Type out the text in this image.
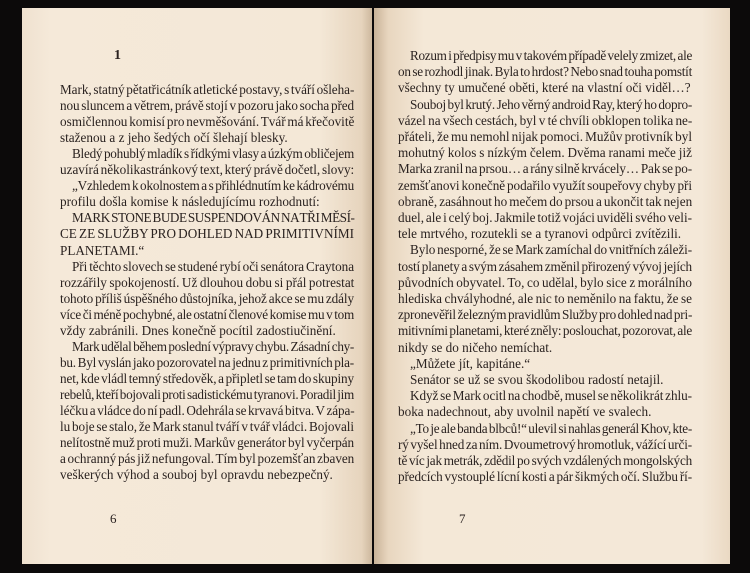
1
Mark, statný pětatřicátník atletické postavy, s tváří ošleha-
nou sluncem a větrem, právě stojí v pozoru jako socha před
osmičlennou komisí pro nevměšování. Tvář má křečovitě
staženou a z jeho šedých očí šlehají blesky.
Bledý pohublý mladík s řídkými vlasy a úzkým obličejem
uzavírá několikastránkový text, který právě dočetl, slovy:
„Vzhledem k okolnostem a s přihlédnutím ke kádrovému
profilu došla komise k následujícímu rozhodnutí:
MARK STONE BUDE SUSPENDOVÁN NA TŘI MĚSÍ-
CE ZE SLUŽBY PRO DOHLED NAD PRIMITIVNÍMI
PLANETAMI.“
Při těchto slovech se studené rybí oči senátora Craytona
rozzářily spokojeností. Už dlouhou dobu si přál potrestat
tohoto příliš úspěšného důstojníka, jehož akce se mu zdály
více či méně pochybné, ale ostatní členové komise mu v tom
vždy zabránili. Dnes konečně pocítil zadostiučinění.
Mark udělal během poslední výpravy chybu. Zásadní chy-
bu. Byl vyslán jako pozorovatel na jednu z primitivních pla-
net, kde vládl temný středověk, a připletl se tam do skupiny
rebelů, kteří bojovali proti sadistickému tyranovi. Poradil jim
léčku a vládce do ní padl. Odehrála se krvavá bitva. V zápa-
lu boje se stalo, že Mark stanul tváří v tvář vládci. Bojovali
nelítostně muž proti muži. Markův generátor byl vyčerpán
a ochranný pás již nefungoval. Tím byl pozemšťan zbaven
veškerých výhod a souboj byl opravdu nebezpečný.
6
Rozum i předpisy mu v takovém případě velely zmizet, ale
on se rozhodl jinak. Byla to hrdost? Nebo snad touha pomstít
všechny ty umučené oběti, které na vlastní oči viděl…?
Souboj byl krutý. Jeho věrný android Ray, který ho dopro-
vázel na všech cestách, byl v té chvíli obklopen tolika ne-
přáteli, že mu nemohl nijak pomoci. Mužův protivník byl
mohutný kolos s nízkým čelem. Dvěma ranami meče již
Marka zranil na prsou… a rány silně krvácely… Pak se po-
zemšťanovi konečně podařilo využít soupeřovy chyby při
obraně, zasáhnout ho mečem do prsou a ukončit tak nejen
duel, ale i celý boj. Jakmile totiž vojáci uviděli svého veli-
tele mrtvého, rozutekli se a tyranovi odpůrci zvítězili.
Bylo nesporné, že se Mark zamíchal do vnitřních záleži-
tostí planety a svým zásahem změnil přirozený vývoj jejích
původních obyvatel. To, co udělal, bylo sice z morálního
hlediska chvályhodné, ale nic to neměnilo na faktu, že se
zpronevěřil železným pravidlům Služby pro dohled nad pri-
mitivními planetami, které zněly: poslouchat, pozorovat, ale
nikdy se do ničeho nemíchat.
„Můžete jít, kapitáne.“
Senátor se už se svou škodolibou radostí netajil.
Když se Mark ocitl na chodbě, musel se několikrát zhlu-
boka nadechnout, aby uvolnil napětí ve svalech.
„To je ale banda blbců!“ ulevil si nahlas generál Khov, kte-
rý vyšel hned za ním. Dvoumetrový hromotluk, vážící urči-
tě víc jak metrák, zdědil po svých vzdálených mongolských
předcích vystouplé lícní kosti a pár šikmých očí. Službu ří-
7
